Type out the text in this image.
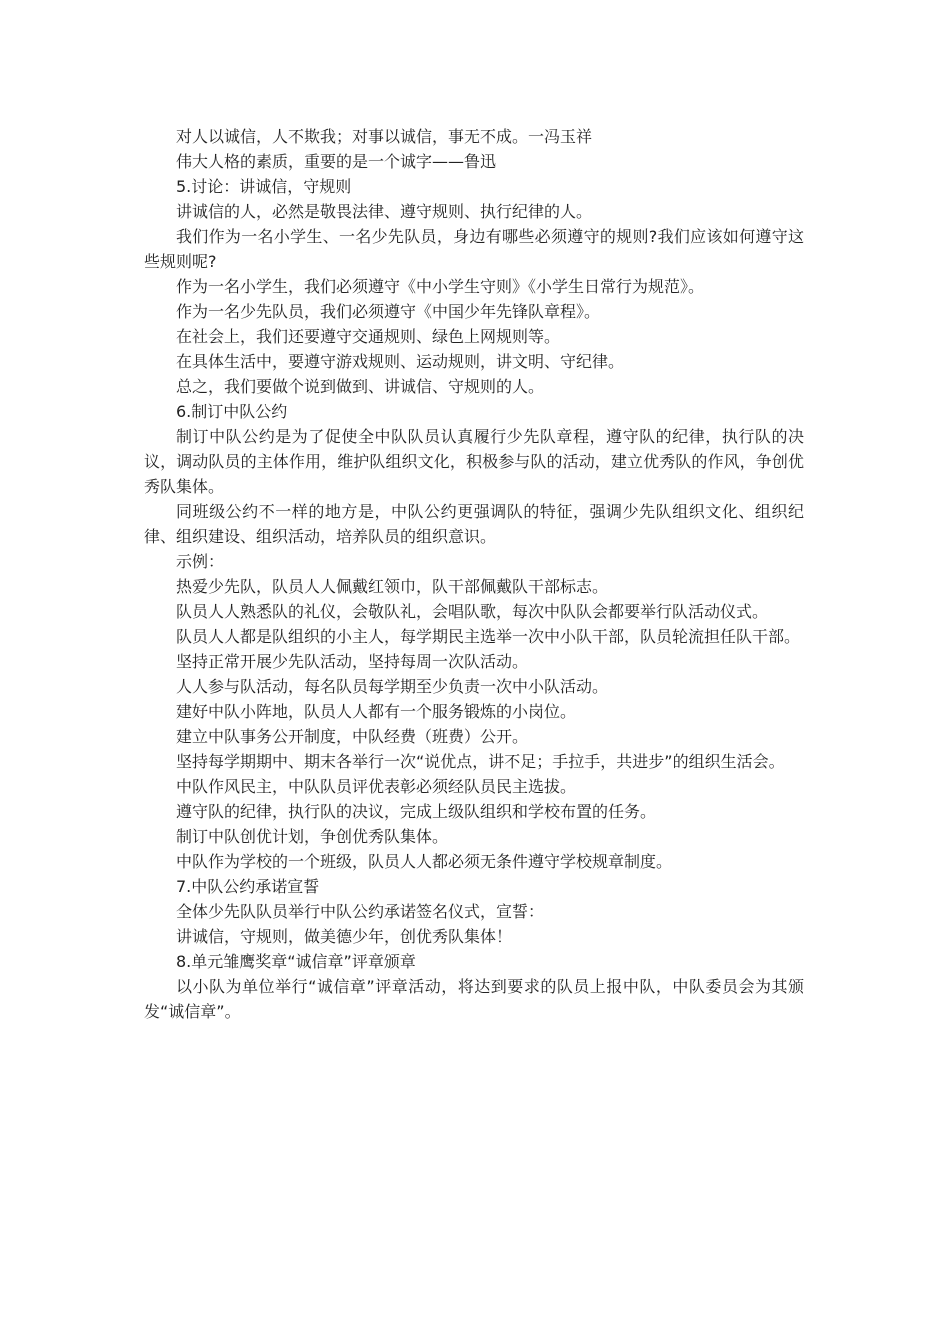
对人以诚信，人不欺我；对事以诚信，事无不成。一冯玉祥

伟大人格的素质，重要的是一个诚字——鲁迅

5.讨论：讲诚信，守规则

讲诚信的人，必然是敬畏法律、遵守规则、执行纪律的人。

我们作为一名小学生、一名少先队员，身边有哪些必须遵守的规则?我们应该如何遵守这些规则呢?

作为一名小学生，我们必须遵守《中小学生守则》《小学生日常行为规范》。

作为一名少先队员，我们必须遵守《中国少年先锋队章程》。

在社会上，我们还要遵守交通规则、绿色上网规则等。

在具体生活中，要遵守游戏规则、运动规则，讲文明、守纪律。

总之，我们要做个说到做到、讲诚信、守规则的人。

6.制订中队公约

制订中队公约是为了促使全中队队员认真履行少先队章程，遵守队的纪律，执行队的决议，调动队员的主体作用，维护队组织文化，积极参与队的活动，建立优秀队的作风，争创优秀队集体。

同班级公约不一样的地方是，中队公约更强调队的特征，强调少先队组织文化、组织纪律、组织建设、组织活动，培养队员的组织意识。

示例：

热爱少先队，队员人人佩戴红领巾，队干部佩戴队干部标志。

队员人人熟悉队的礼仪，会敬队礼，会唱队歌，每次中队队会都要举行队活动仪式。

队员人人都是队组织的小主人，每学期民主选举一次中小队干部，队员轮流担任队干部。

坚持正常开展少先队活动，坚持每周一次队活动。

人人参与队活动，每名队员每学期至少负责一次中小队活动。

建好中队小阵地，队员人人都有一个服务锻炼的小岗位。

建立中队事务公开制度，中队经费（班费）公开。

坚持每学期期中、期末各举行一次“说优点，讲不足；手拉手，共进步”的组织生活会。

中队作风民主，中队队员评优表彰必须经队员民主选拔。

遵守队的纪律，执行队的决议，完成上级队组织和学校布置的任务。

制订中队创优计划，争创优秀队集体。

中队作为学校的一个班级，队员人人都必须无条件遵守学校规章制度。

7.中队公约承诺宣誓

全体少先队队员举行中队公约承诺签名仪式，宣誓：

讲诚信，守规则，做美德少年，创优秀队集体！

8.单元雏鹰奖章“诚信章”评章颁章

以小队为单位举行“诚信章”评章活动，将达到要求的队员上报中队，中队委员会为其颁发“诚信章”。
